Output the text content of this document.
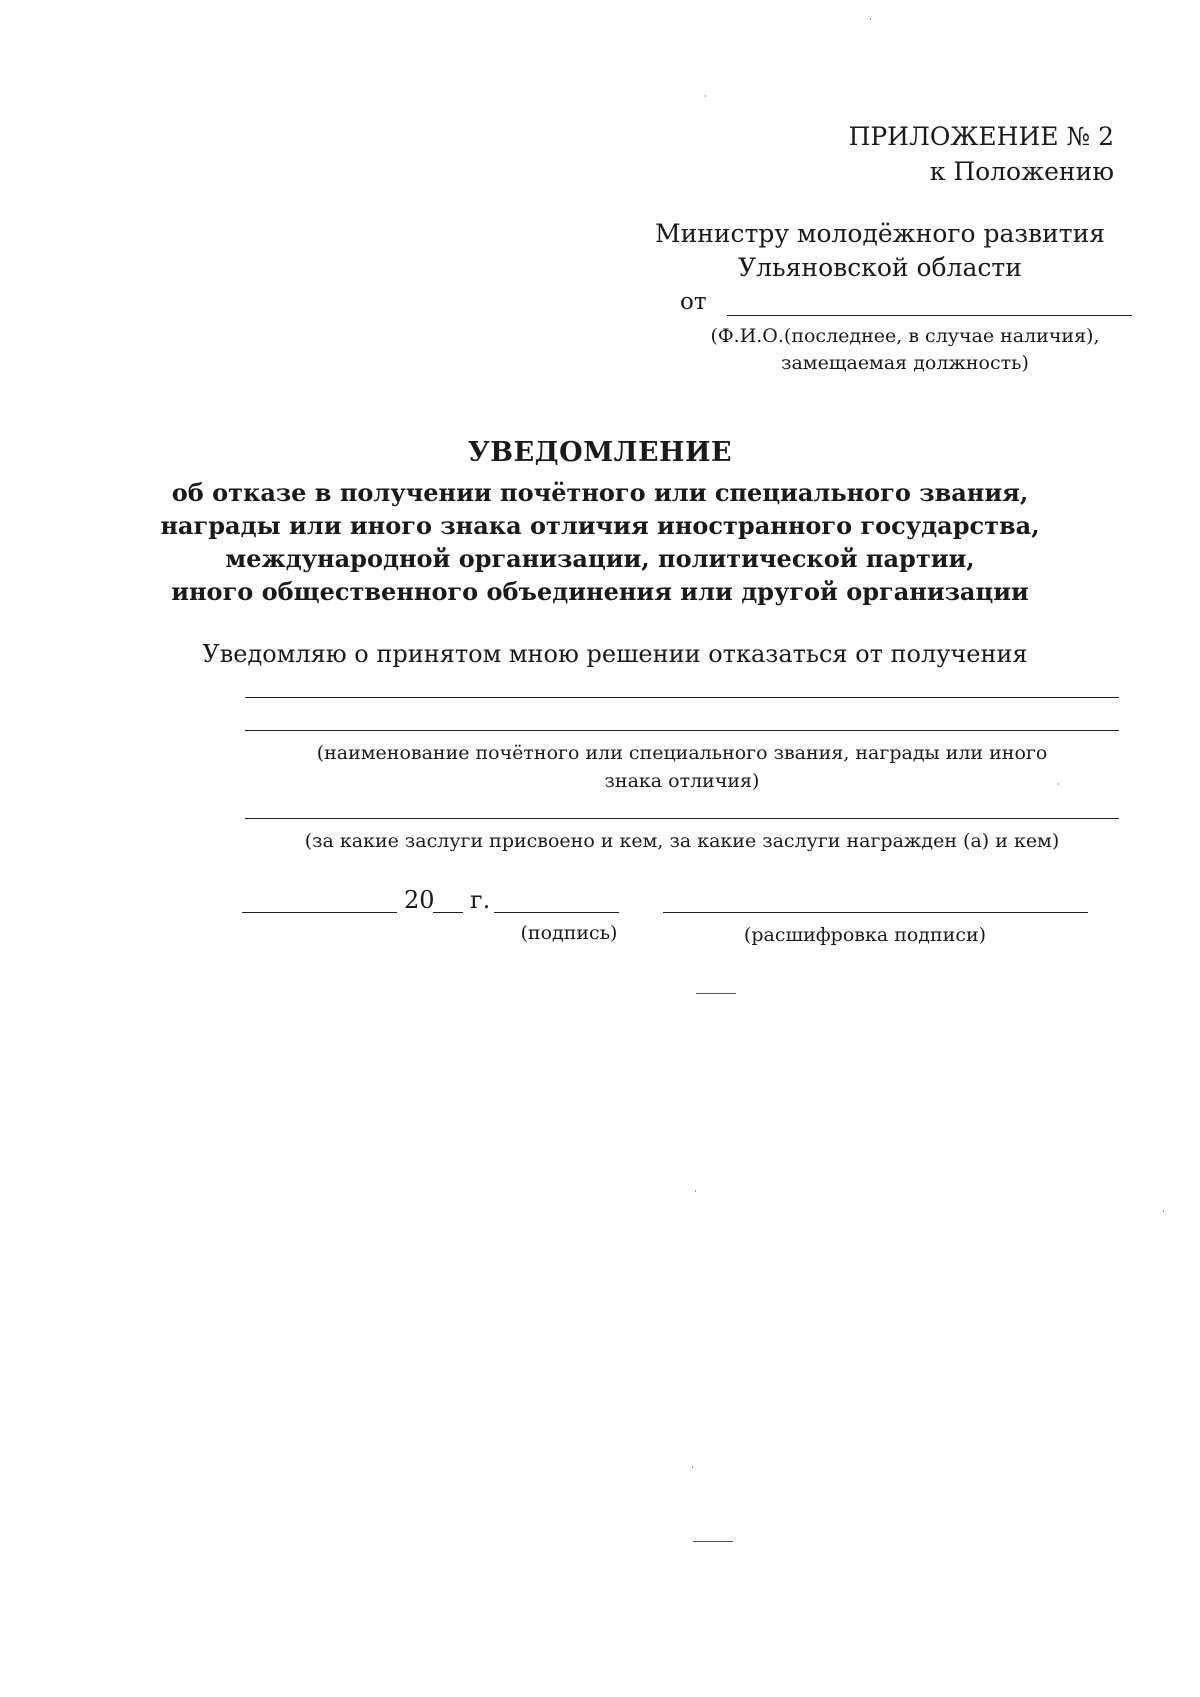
ПРИЛОЖЕНИЕ № 2
к Положению
Министру молодёжного развития
Ульяновской области
от
(Ф.И.О.(последнее, в случае наличия),
замещаемая должность)
УВЕДОМЛЕНИЕ
об отказе в получении почётного или специального звания,
награды или иного знака отличия иностранного государства,
международной организации, политической партии,
иного общественного объединения или другой организации
Уведомляю о принятом мною решении отказаться от получения
(наименование почётного или специального звания, награды или иного
знака отличия)
(за какие заслуги присвоено и кем, за какие заслуги награжден (а) и кем)
20 г.
(подпись)	(расшифровка подписи)
